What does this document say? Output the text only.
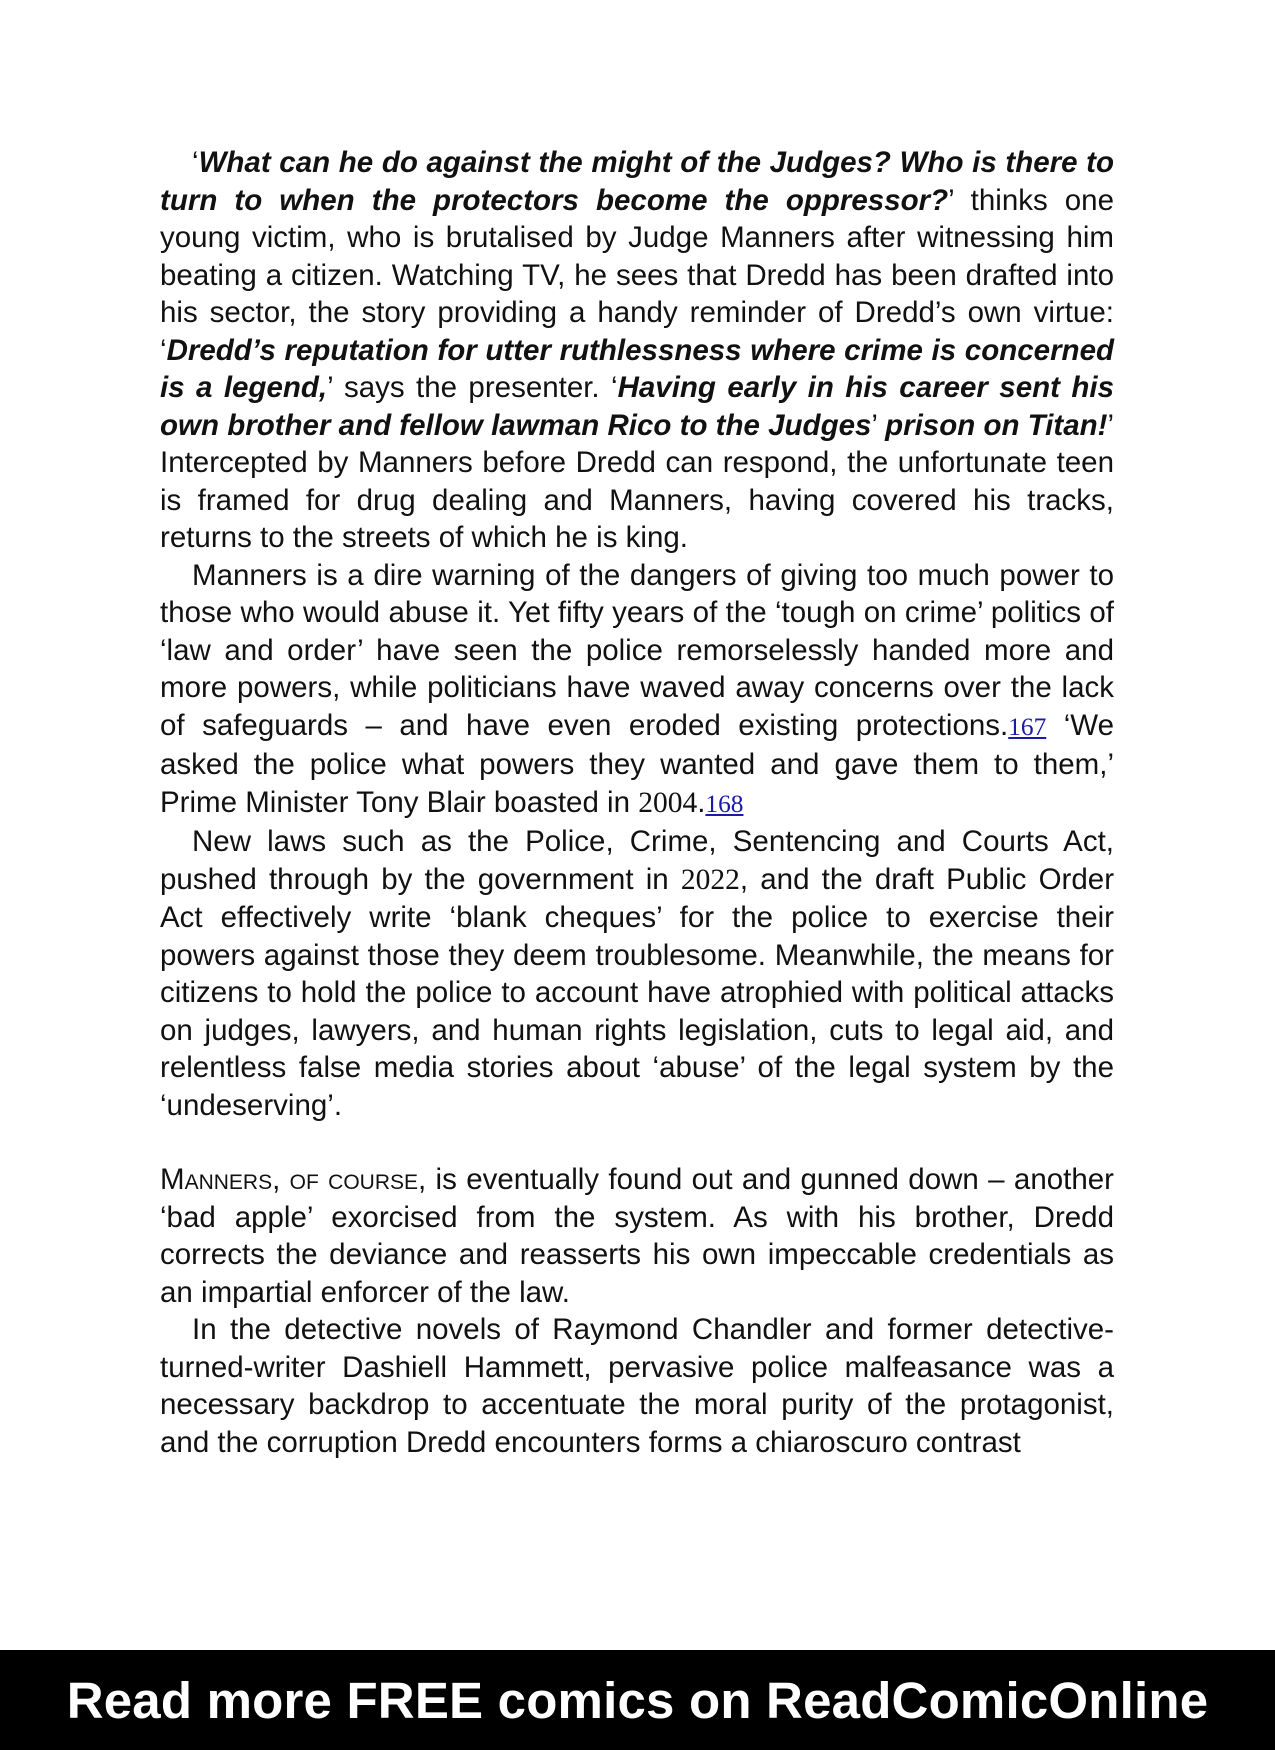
‘What can he do against the might of the Judges? Who is there to turn to when the protectors become the oppressor?’ thinks one young victim, who is brutalised by Judge Manners after witnessing him beating a citizen. Watching TV, he sees that Dredd has been drafted into his sector, the story providing a handy reminder of Dredd’s own virtue: ‘Dredd’s reputation for utter ruthlessness where crime is concerned is a legend,’ says the presenter. ‘Having early in his career sent his own brother and fellow lawman Rico to the Judges’ prison on Titan!’ Intercepted by Manners before Dredd can respond, the unfortunate teen is framed for drug dealing and Manners, having covered his tracks, returns to the streets of which he is king.

Manners is a dire warning of the dangers of giving too much power to those who would abuse it. Yet fifty years of the ‘tough on crime’ politics of ‘law and order’ have seen the police remorselessly handed more and more powers, while politicians have waved away concerns over the lack of safeguards – and have even eroded existing protections.167 ‘We asked the police what powers they wanted and gave them to them,’ Prime Minister Tony Blair boasted in 2004.168

New laws such as the Police, Crime, Sentencing and Courts Act, pushed through by the government in 2022, and the draft Public Order Act effectively write ‘blank cheques’ for the police to exercise their powers against those they deem troublesome. Meanwhile, the means for citizens to hold the police to account have atrophied with political attacks on judges, lawyers, and human rights legislation, cuts to legal aid, and relentless false media stories about ‘abuse’ of the legal system by the ‘undeserving’.

Manners, of course, is eventually found out and gunned down – another ‘bad apple’ exorcised from the system. As with his brother, Dredd corrects the deviance and reasserts his own impeccable credentials as an impartial enforcer of the law.

In the detective novels of Raymond Chandler and former detective-turned-writer Dashiell Hammett, pervasive police malfeasance was a necessary backdrop to accentuate the moral purity of the protagonist, and the corruption Dredd encounters forms a chiaroscuro contrast

Read more FREE comics on ReadComicOnline
